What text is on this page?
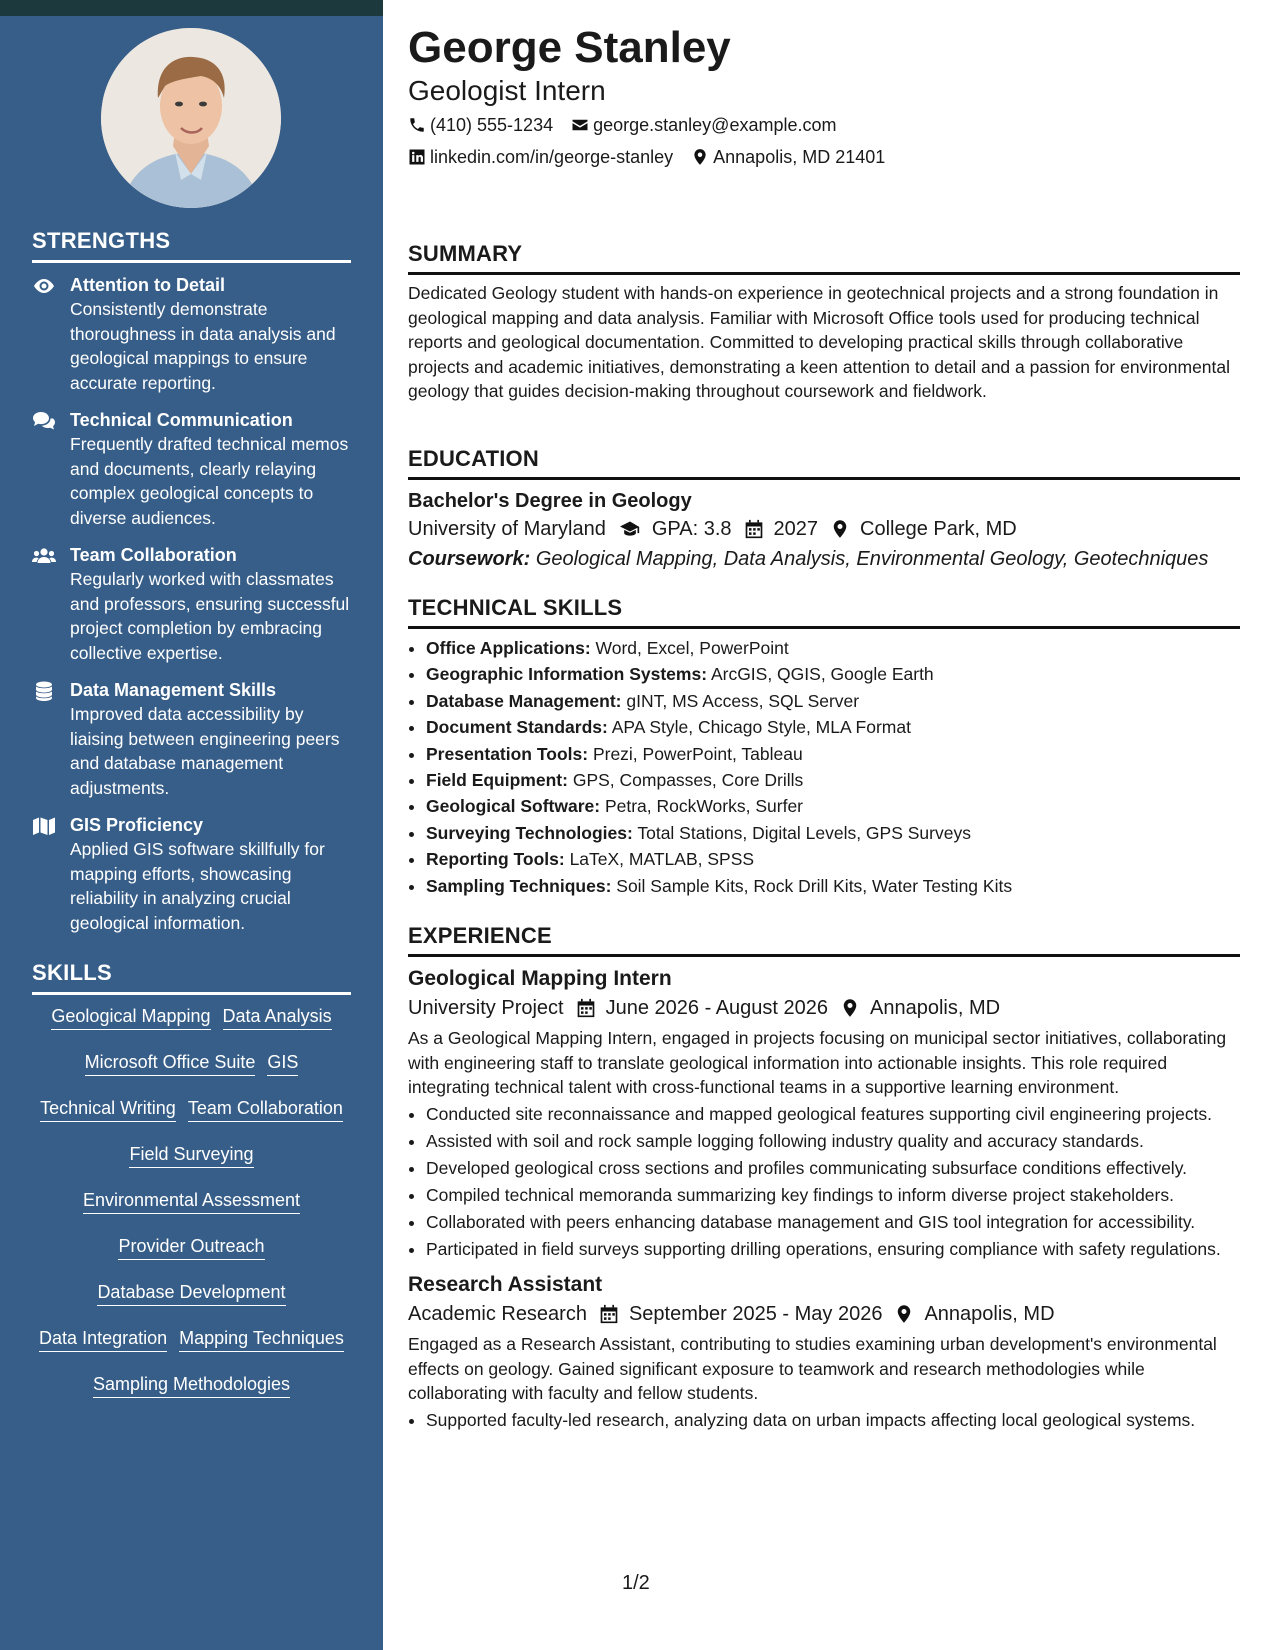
STRENGTHS
Attention to Detail
Consistently demonstrate thoroughness in data analysis and geological mappings to ensure accurate reporting.
Technical Communication
Frequently drafted technical memos and documents, clearly relaying complex geological concepts to diverse audiences.
Team Collaboration
Regularly worked with classmates and professors, ensuring successful project completion by embracing collective expertise.
Data Management Skills
Improved data accessibility by liaising between engineering peers and database management adjustments.
GIS Proficiency
Applied GIS software skillfully for mapping efforts, showcasing reliability in analyzing crucial geological information.
SKILLS
Geological Mapping Data Analysis
Microsoft Office Suite GIS
Technical Writing Team Collaboration
Field Surveying
Environmental Assessment
Provider Outreach
Database Development
Data Integration Mapping Techniques
Sampling Methodologies
George Stanley
Geologist Intern
(410) 555-1234 george.stanley@example.com
linkedin.com/in/george-stanley Annapolis, MD 21401
SUMMARY
Dedicated Geology student with hands-on experience in geotechnical projects and a strong foundation in geological mapping and data analysis. Familiar with Microsoft Office tools used for producing technical reports and geological documentation. Committed to developing practical skills through collaborative projects and academic initiatives, demonstrating a keen attention to detail and a passion for environmental geology that guides decision-making throughout coursework and fieldwork.
EDUCATION
Bachelor's Degree in Geology
University of Maryland GPA: 3.8 2027 College Park, MD
Coursework: Geological Mapping, Data Analysis, Environmental Geology, Geotechniques
TECHNICAL SKILLS
• Office Applications: Word, Excel, PowerPoint
• Geographic Information Systems: ArcGIS, QGIS, Google Earth
• Database Management: gINT, MS Access, SQL Server
• Document Standards: APA Style, Chicago Style, MLA Format
• Presentation Tools: Prezi, PowerPoint, Tableau
• Field Equipment: GPS, Compasses, Core Drills
• Geological Software: Petra, RockWorks, Surfer
• Surveying Technologies: Total Stations, Digital Levels, GPS Surveys
• Reporting Tools: LaTeX, MATLAB, SPSS
• Sampling Techniques: Soil Sample Kits, Rock Drill Kits, Water Testing Kits
EXPERIENCE
Geological Mapping Intern
University Project June 2026 - August 2026 Annapolis, MD
As a Geological Mapping Intern, engaged in projects focusing on municipal sector initiatives, collaborating with engineering staff to translate geological information into actionable insights. This role required integrating technical talent with cross-functional teams in a supportive learning environment.
• Conducted site reconnaissance and mapped geological features supporting civil engineering projects.
• Assisted with soil and rock sample logging following industry quality and accuracy standards.
• Developed geological cross sections and profiles communicating subsurface conditions effectively.
• Compiled technical memoranda summarizing key findings to inform diverse project stakeholders.
• Collaborated with peers enhancing database management and GIS tool integration for accessibility.
• Participated in field surveys supporting drilling operations, ensuring compliance with safety regulations.
Research Assistant
Academic Research September 2025 - May 2026 Annapolis, MD
Engaged as a Research Assistant, contributing to studies examining urban development's environmental effects on geology. Gained significant exposure to teamwork and research methodologies while collaborating with faculty and fellow students.
• Supported faculty-led research, analyzing data on urban impacts affecting local geological systems.
1/2
